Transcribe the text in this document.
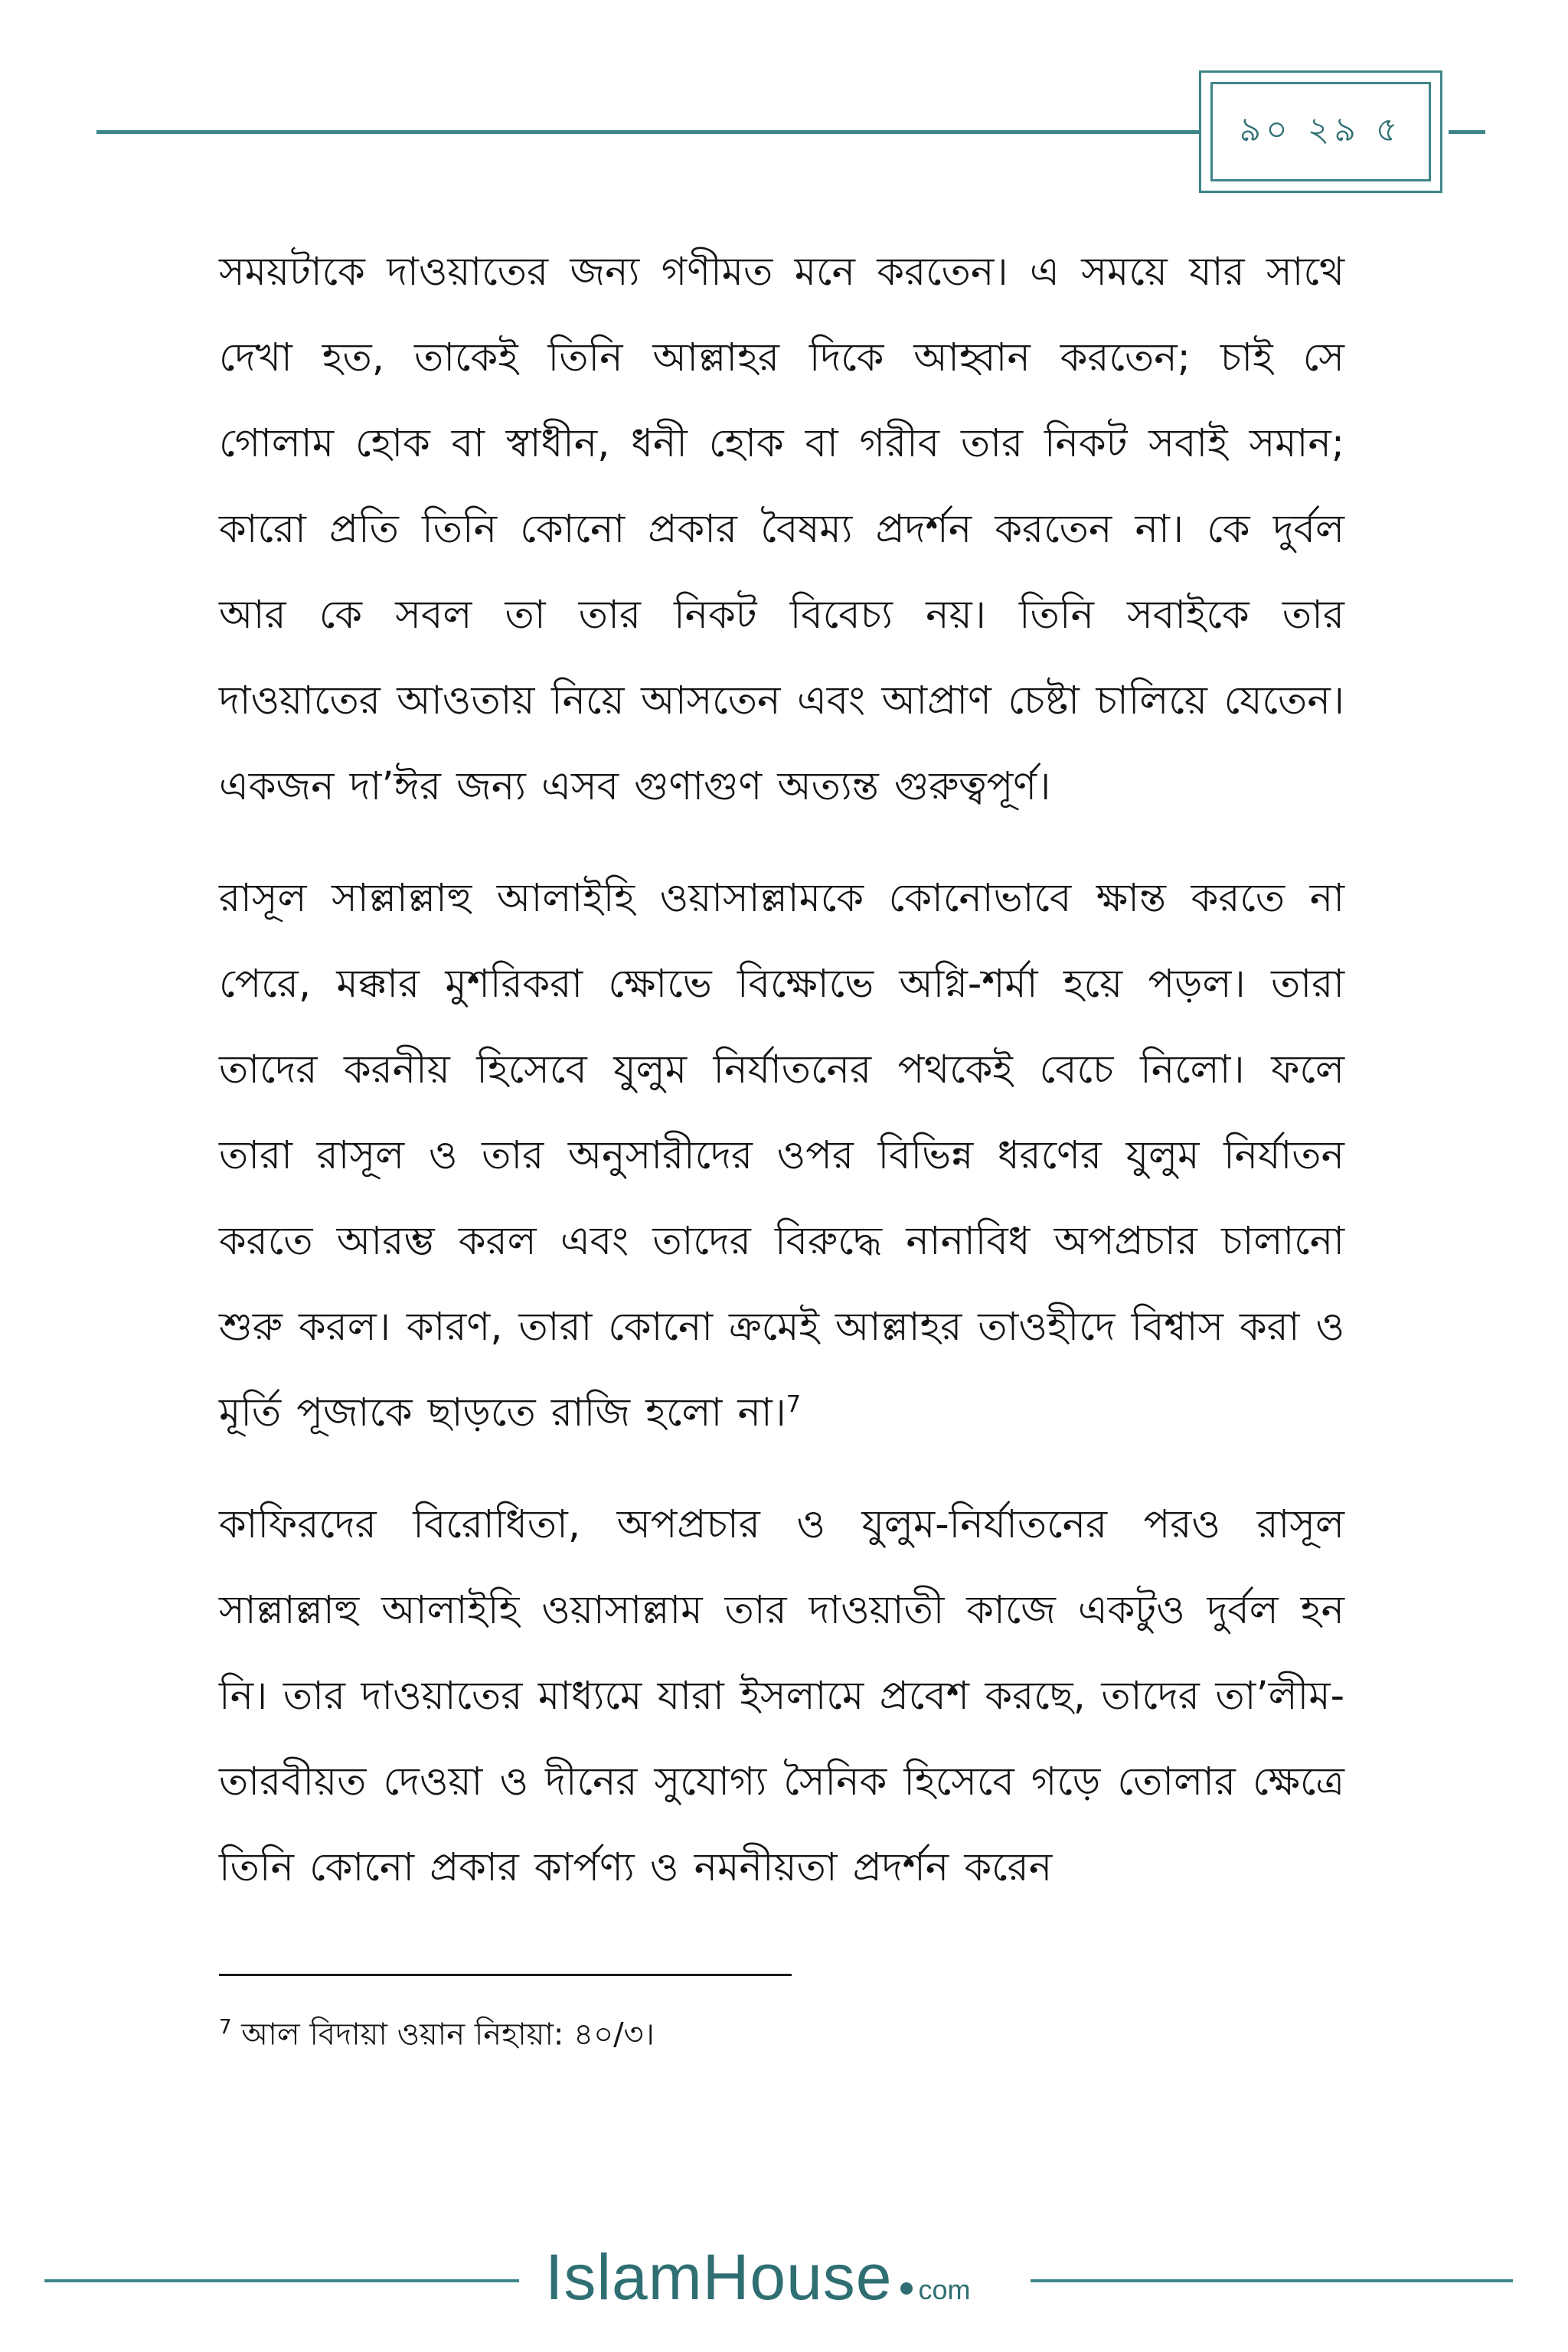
৯০ ২৯ ৫

সময়টাকে দাওয়াতের জন্য গণীমত মনে করতেন। এ সময়ে যার সাথে দেখা হত, তাকেই তিনি আল্লাহর দিকে আহ্বান করতেন; চাই সে গোলাম হোক বা স্বাধীন, ধনী হোক বা গরীব তার নিকট সবাই সমান; কারো প্রতি তিনি কোনো প্রকার বৈষম্য প্রদর্শন করতেন না। কে দুর্বল আর কে সবল তা তার নিকট বিবেচ্য নয়। তিনি সবাইকে তার দাওয়াতের আওতায় নিয়ে আসতেন এবং আপ্রাণ চেষ্টা চালিয়ে যেতেন। একজন দা’ঈর জন্য এসব গুণাগুণ অত্যন্ত গুরুত্বপূর্ণ।

রাসূল সাল্লাল্লাহু আলাইহি ওয়াসাল্লামকে কোনোভাবে ক্ষান্ত করতে না পেরে, মক্কার মুশরিকরা ক্ষোভে বিক্ষোভে অগ্নি-শর্মা হয়ে পড়ল। তারা তাদের করনীয় হিসেবে যুলুম নির্যাতনের পথকেই বেচে নিলো। ফলে তারা রাসূল ও তার অনুসারীদের ওপর বিভিন্ন ধরণের যুলুম নির্যাতন করতে আরম্ভ করল এবং তাদের বিরুদ্ধে নানাবিধ অপপ্রচার চালানো শুরু করল। কারণ, তারা কোনো ক্রমেই আল্লাহর তাওহীদে বিশ্বাস করা ও মূর্তি পূজাকে ছাড়তে রাজি হলো না।$^7$

কাফিরদের বিরোধিতা, অপপ্রচার ও যুলুম-নির্যাতনের পরও রাসূল সাল্লাল্লাহু আলাইহি ওয়াসাল্লাম তার দাওয়াতী কাজে একটুও দুর্বল হন নি। তার দাওয়াতের মাধ্যমে যারা ইসলামে প্রবেশ করছে, তাদের তা’লীম-তারবীয়ত দেওয়া ও দীনের সুযোগ্য সৈনিক হিসেবে গড়ে তোলার ক্ষেত্রে তিনি কোনো প্রকার কার্পণ্য ও নমনীয়তা প্রদর্শন করেন

$^7$ আল বিদায়া ওয়ান নিহায়া: ৪০/৩।
IslamHouse com
